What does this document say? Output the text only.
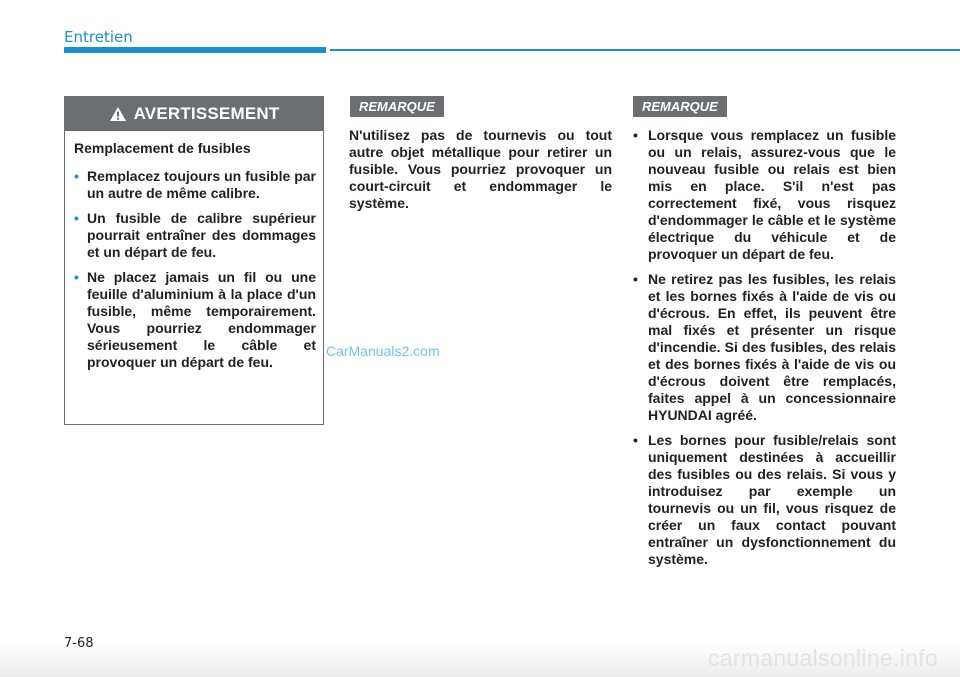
Entretien
AVERTISSEMENT

Remplacement de fusibles

• Remplacez toujours un fusible par un autre de même calibre.
• Un fusible de calibre supérieur pourrait entraîner des dommages et un départ de feu.
• Ne placez jamais un fil ou une feuille d'aluminium à la place d'un fusible, même temporairement. Vous pourriez endommager sérieusement le câble et provoquer un départ de feu.
REMARQUE

N'utilisez pas de tournevis ou tout autre objet métallique pour retirer un fusible. Vous pourriez provoquer un court-circuit et endommager le système.

REMARQUE
• Lorsque vous remplacez un fusible ou un relais, assurez-vous que le nouveau fusible ou relais est bien mis en place. S'il n'est pas correctement fixé, vous risquez d'endommager le câble et le système électrique du véhicule et de provoquer un départ de feu.
• Ne retirez pas les fusibles, les relais et les bornes fixés à l'aide de vis ou d'écrous. En effet, ils peuvent être mal fixés et présenter un risque d'incendie. Si des fusibles, des relais et des bornes fixés à l'aide de vis ou d'écrous doivent être remplacés, faites appel à un concessionnaire HYUNDAI agréé.
• Les bornes pour fusible/relais sont uniquement destinées à accueillir des fusibles ou des relais. Si vous y introduisez par exemple un tournevis ou un fil, vous risquez de créer un faux contact pouvant entraîner un dysfonctionnement du système.
CarManuals2.com
7-68
carmanualsonline.info
